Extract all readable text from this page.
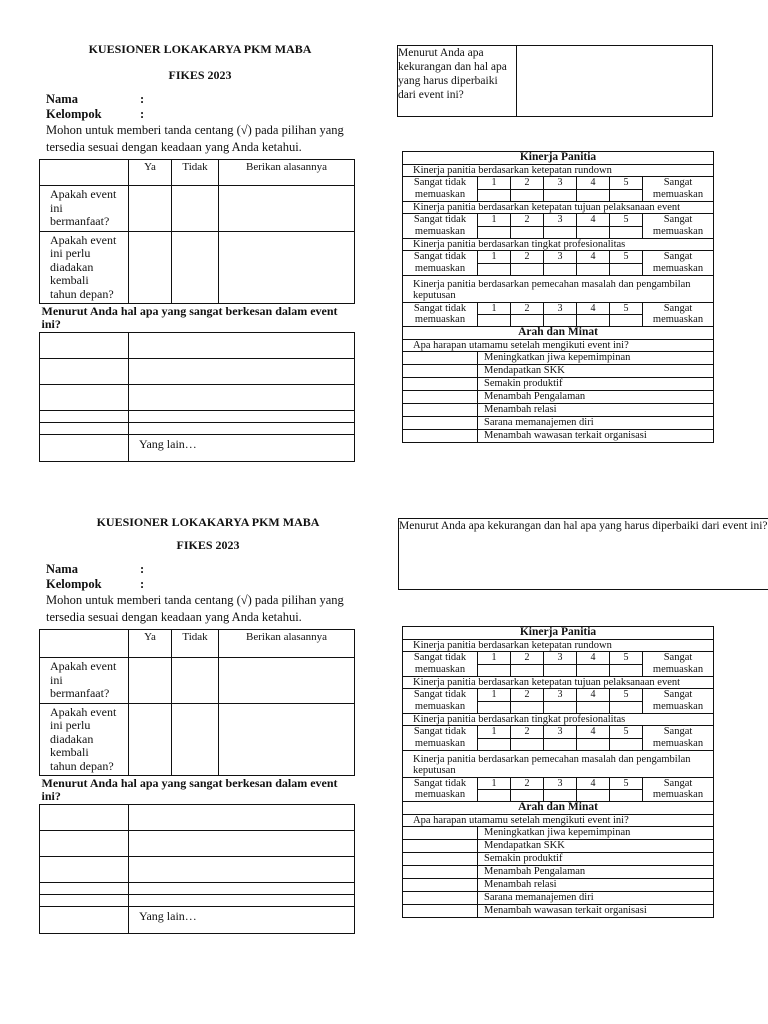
KUESIONER LOKAKARYA PKM MABA
FIKES 2023
Nama	:
Kelompok	:
Mohon untuk memberi tanda centang (√) pada pilihan yang tersedia sesuai dengan keadaan yang Anda ketahui.
	Ya	Tidak	Berikan alasannya
Apakah event ini bermanfaat?			
Apakah event ini perlu diadakan kembali tahun depan?			
Menurut Anda hal apa yang sangat berkesan dalam event ini?			

	Yang lain…		
Menurut Anda apa kekurangan dan hal apa yang harus diperbaiki dari event ini?	
Kinerja Panitia						
Kinerja panitia berdasarkan ketepatan rundown						
Sangat tidak memuaskan	1	2	3	4	5	Sangat memuaskan

Kinerja panitia berdasarkan ketepatan tujuan pelaksanaan event						
Sangat tidak memuaskan	1	2	3	4	5	Sangat memuaskan

Kinerja panitia berdasarkan tingkat profesionalitas						
Sangat tidak memuaskan	1	2	3	4	5	Sangat memuaskan

Kinerja panitia berdasarkan pemecahan masalah dan pengambilan keputusan						
Sangat tidak memuaskan	1	2	3	4	5	Sangat memuaskan

Arah dan Minat						
Apa harapan utamamu setelah mengikuti event ini?						
	Meningkatkan jiwa kepemimpinan					
	Mendapatkan SKK					
	Semakin produktif					
	Menambah Pengalaman					
	Menambah relasi					
	Sarana memanajemen diri					
	Menambah wawasan terkait organisasi					
KUESIONER LOKAKARYA PKM MABA
FIKES 2023
Nama	:
Kelompok	:
Mohon untuk memberi tanda centang (√) pada pilihan yang tersedia sesuai dengan keadaan yang Anda ketahui.
	Ya	Tidak	Berikan alasannya
Apakah event ini bermanfaat?			
Apakah event ini perlu diadakan kembali tahun depan?			
Menurut Anda hal apa yang sangat berkesan dalam event ini?			

	Yang lain…		
Menurut Anda apa kekurangan dan hal apa yang harus diperbaiki dari event ini?	
Kinerja Panitia						
Kinerja panitia berdasarkan ketepatan rundown						
Sangat tidak memuaskan	1	2	3	4	5	Sangat memuaskan

Kinerja panitia berdasarkan ketepatan tujuan pelaksanaan event						
Sangat tidak memuaskan	1	2	3	4	5	Sangat memuaskan

Kinerja panitia berdasarkan tingkat profesionalitas						
Sangat tidak memuaskan	1	2	3	4	5	Sangat memuaskan

Kinerja panitia berdasarkan pemecahan masalah dan pengambilan keputusan						
Sangat tidak memuaskan	1	2	3	4	5	Sangat memuaskan

Arah dan Minat						
Apa harapan utamamu setelah mengikuti event ini?						
	Meningkatkan jiwa kepemimpinan					
	Mendapatkan SKK					
	Semakin produktif					
	Menambah Pengalaman					
	Menambah relasi					
	Sarana memanajemen diri					
	Menambah wawasan terkait organisasi					
